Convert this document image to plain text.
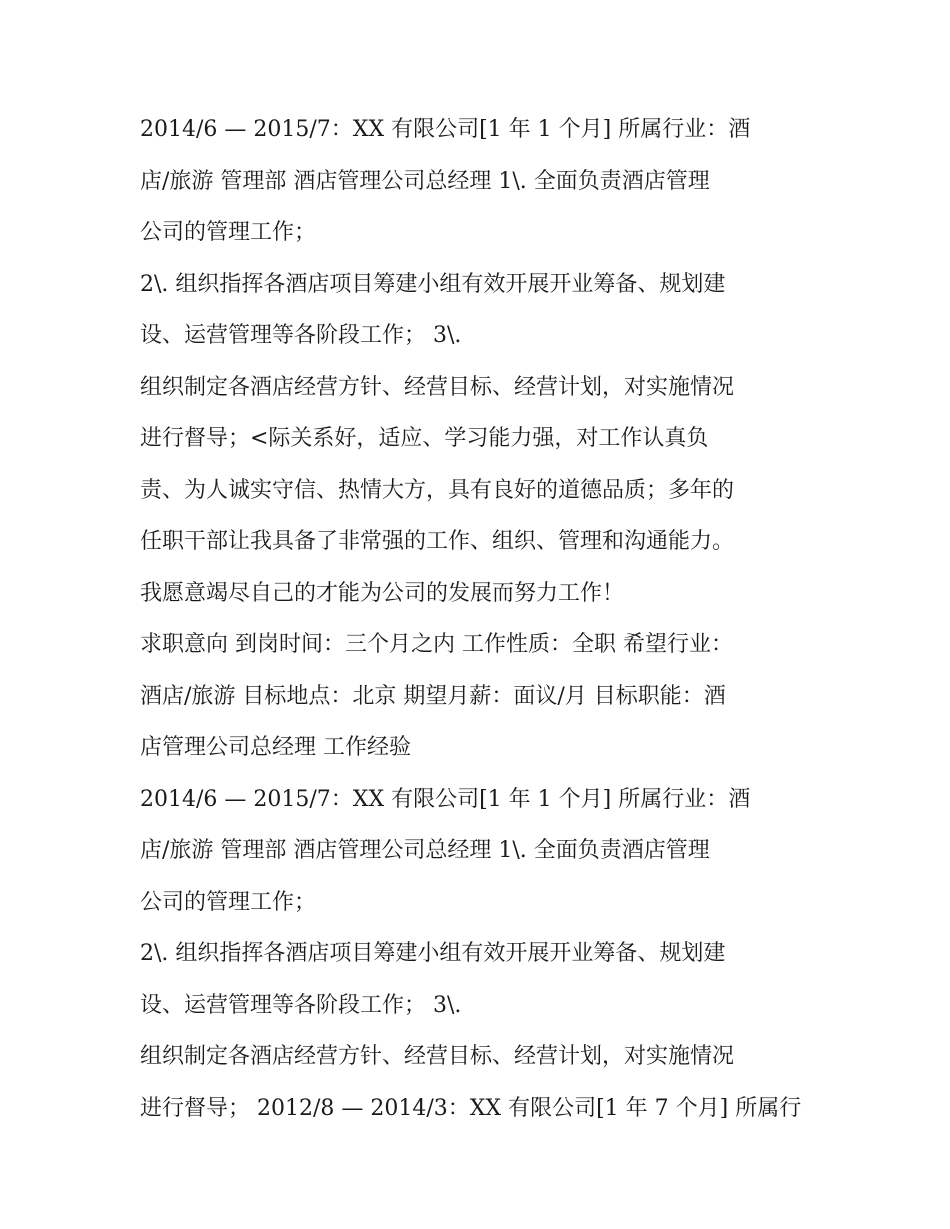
2014/6 — 2015/7：XX 有限公司[1 年 1 个月] 所属行业：酒
店/旅游 管理部 酒店管理公司总经理 1\. 全面负责酒店管理
公司的管理工作；
2\. 组织指挥各酒店项目筹建小组有效开展开业筹备、规划建
设、运营管理等各阶段工作； 3\.
组织制定各酒店经营方针、经营目标、经营计划，对实施情况
进行督导；<际关系好，适应、学习能力强，对工作认真负
责、为人诚实守信、热情大方，具有良好的道德品质；多年的
任职干部让我具备了非常强的工作、组织、管理和沟通能力。
我愿意竭尽自己的才能为公司的发展而努力工作！
求职意向 到岗时间：三个月之内 工作性质：全职 希望行业：
酒店/旅游 目标地点：北京 期望月薪：面议/月 目标职能：酒
店管理公司总经理 工作经验
2014/6 — 2015/7：XX 有限公司[1 年 1 个月] 所属行业：酒
店/旅游 管理部 酒店管理公司总经理 1\. 全面负责酒店管理
公司的管理工作；
2\. 组织指挥各酒店项目筹建小组有效开展开业筹备、规划建
设、运营管理等各阶段工作； 3\.
组织制定各酒店经营方针、经营目标、经营计划，对实施情况
进行督导； 2012/8 — 2014/3：XX 有限公司[1 年 7 个月] 所属行
